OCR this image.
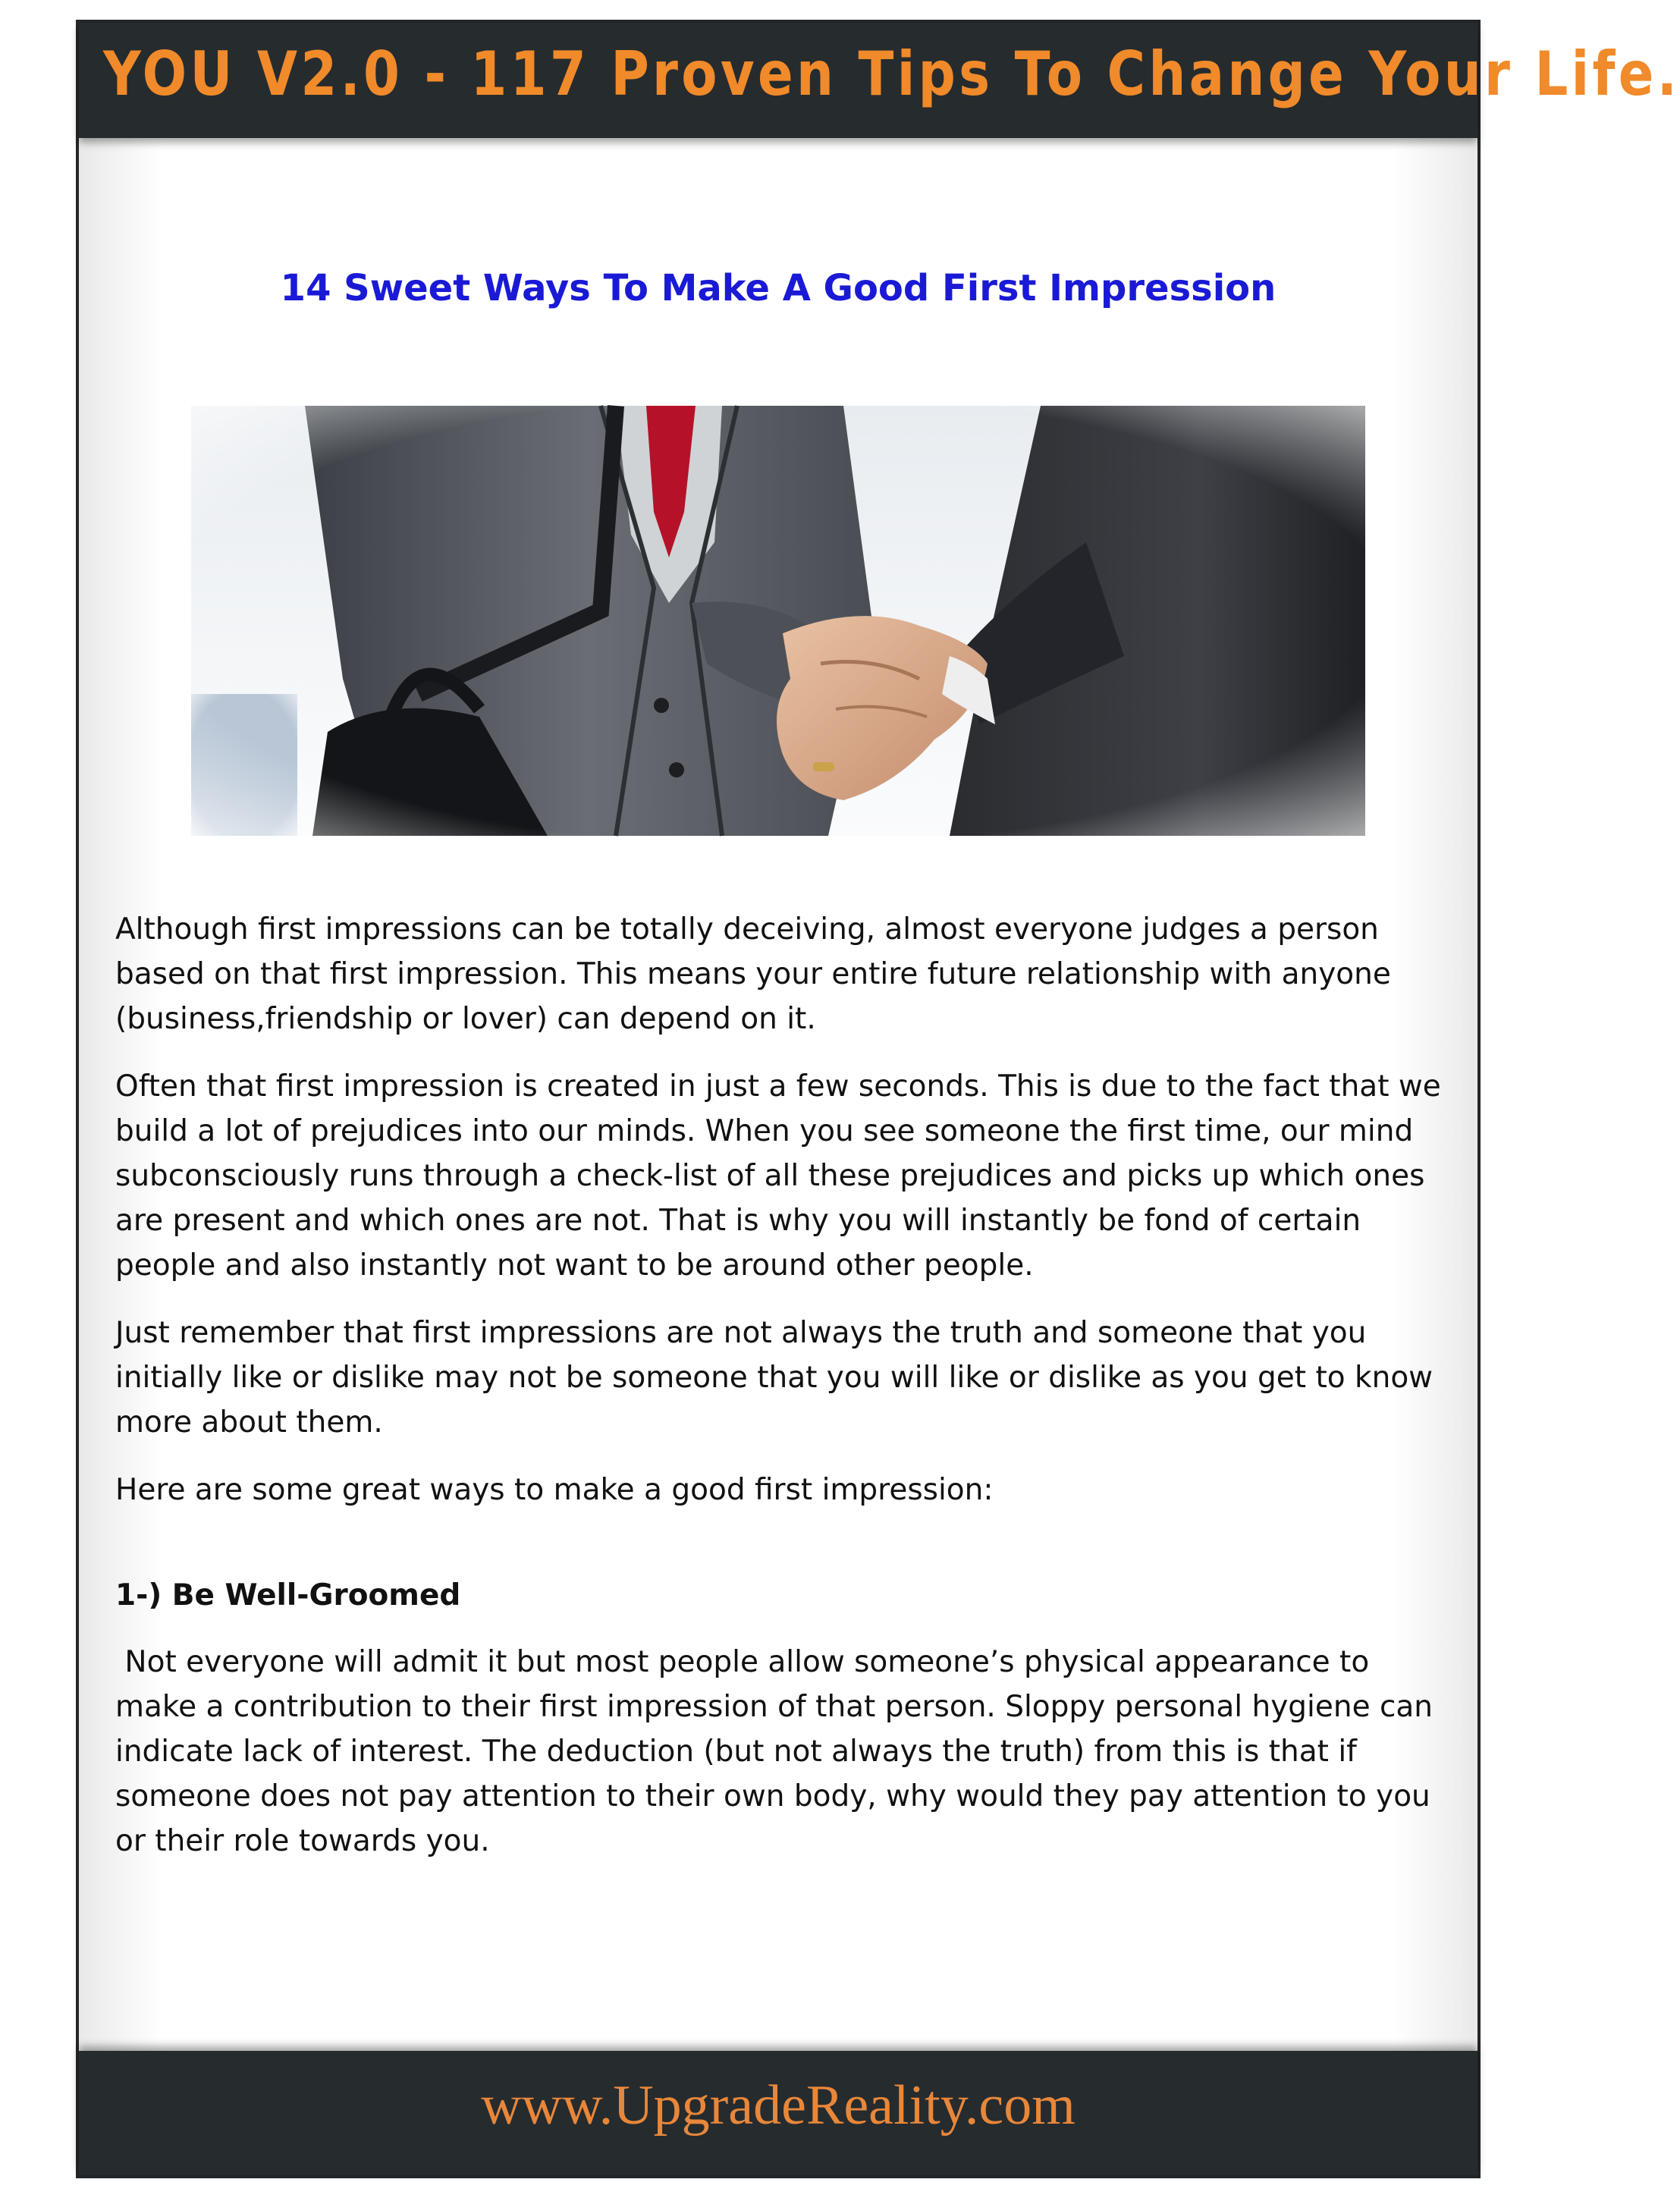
YOU V2.0 - 117 Proven Tips To Change Your Life.
14 Sweet Ways To Make A Good First Impression

Although first impressions can be totally deceiving, almost everyone judges a person based on that first impression. This means your entire future relationship with anyone (business,friendship or lover) can depend on it.

Often that first impression is created in just a few seconds. This is due to the fact that we build a lot of prejudices into our minds. When you see someone the first time, our mind subconsciously runs through a check-list of all these prejudices and picks up which ones are present and which ones are not. That is why you will instantly be fond of certain people and also instantly not want to be around other people.

Just remember that first impressions are not always the truth and someone that you initially like or dislike may not be someone that you will like or dislike as you get to know more about them.

Here are some great ways to make a good first impression:

1-) Be Well-Groomed

Not everyone will admit it but most people allow someone’s physical appearance to make a contribution to their first impression of that person. Sloppy personal hygiene can indicate lack of interest. The deduction (but not always the truth) from this is that if someone does not pay attention to their own body, why would they pay attention to you or their role towards you.

www.UpgradeReality.com
